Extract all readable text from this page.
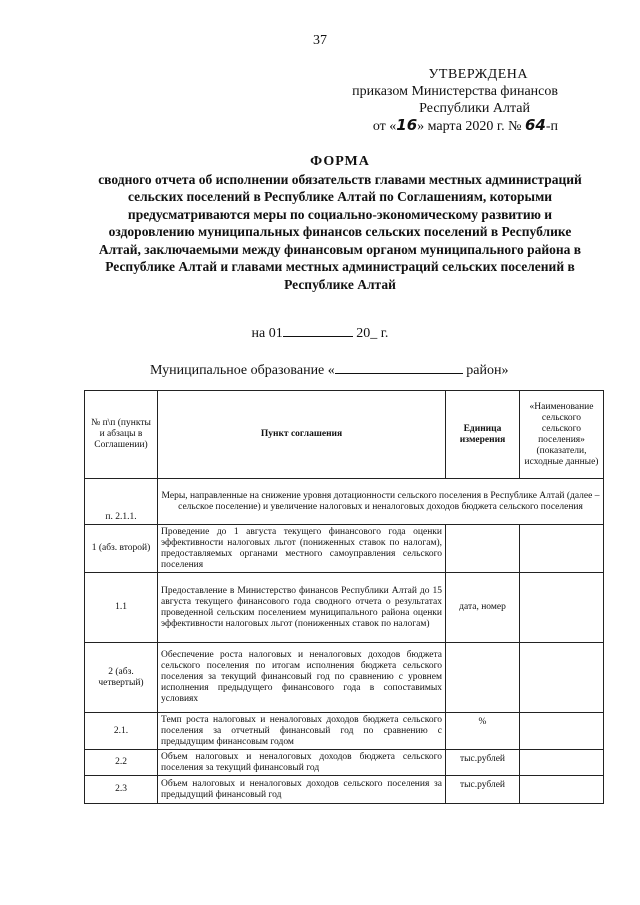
37
УТВЕРЖДЕНА
приказом Министерства финансов
Республики Алтай
от «16» марта 2020 г. № 64-п
ФОРМА
сводного отчета об исполнении обязательств главами местных администраций сельских поселений в Республике Алтай по Соглашениям, которыми предусматриваются меры по социально-экономическому развитию и оздоровлению муниципальных финансов сельских поселений в Республике Алтай, заключаемыми между финансовым органом муниципального района в Республике Алтай и главами местных администраций сельских поселений в Республике Алтай
на 01	20_ г.
Муниципальное образование «	район»
№ п\п (пункты и абзацы в Соглашении)	Пункт соглашения	Единица измерения	«Наименование сельского сельского поселения» (показатели, исходные данные)
п. 2.1.1.	Меры, направленные на снижение уровня дотационности сельского поселения в Республике Алтай (далее – сельское поселение) и увеличение налоговых и неналоговых доходов бюджета сельского поселения		
1 (абз. второй)	Проведение до 1 августа текущего финансового года оценки эффективности налоговых льгот (пониженных ставок по налогам), предоставляемых органами местного самоуправления сельского поселения		
1.1	Предоставление в Министерство финансов Республики Алтай до 15 августа текущего финансового года сводного отчета о результатах проведенной сельским поселением муниципального района оценки эффективности налоговых льгот (пониженных ставок по налогам)	дата, номер	
2 (абз. четвертый)	Обеспечение роста налоговых и неналоговых доходов бюджета сельского поселения по итогам исполнения бюджета сельского поселения за текущий финансовый год по сравнению с уровнем исполнения предыдущего финансового года в сопоставимых условиях		
2.1.	Темп роста налоговых и неналоговых доходов бюджета сельского поселения за отчетный финансовый год по сравнению с предыдущим финансовым годом	%	
2.2	Объем налоговых и неналоговых доходов бюджета сельского поселения за текущий финансовый год	тыс.рублей	
2.3	Объем налоговых и неналоговых доходов сельского поселения за предыдущий финансовый год	тыс.рублей	
